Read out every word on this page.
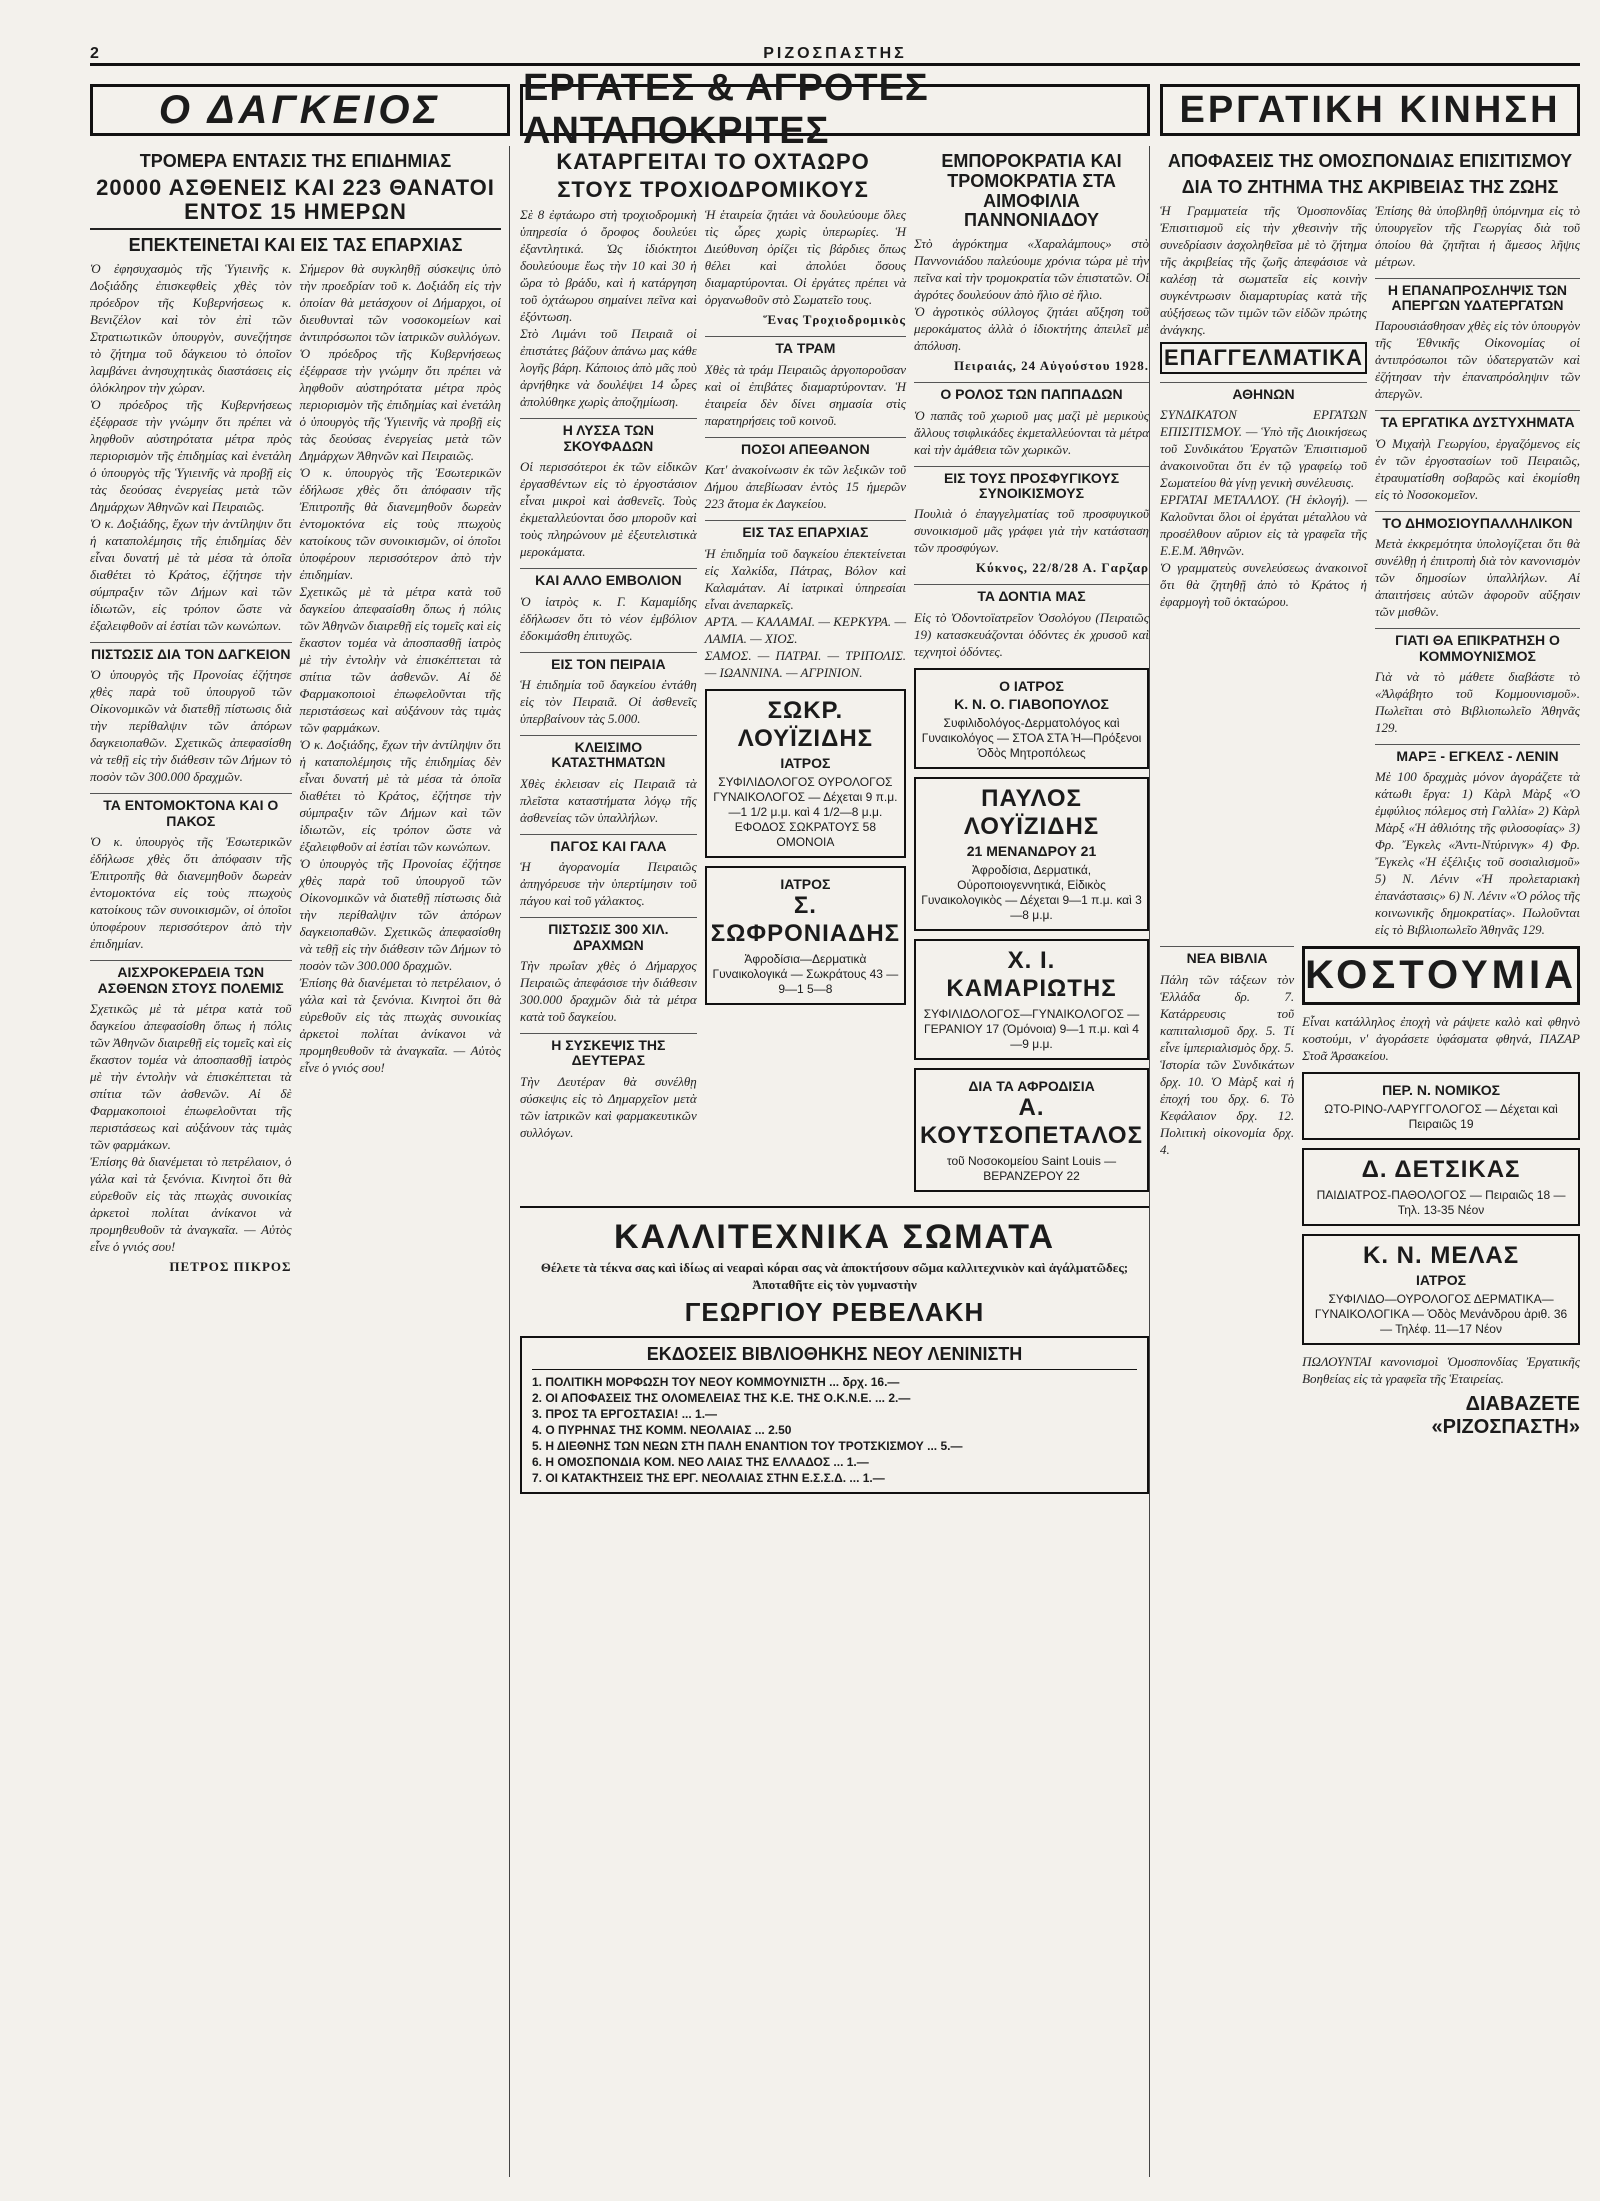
2	ΡΙΖΟΣΠΑΣΤΗΣ
Ο ΔΑΓΚΕΙΟΣ	ΕΡΓΑΤΕΣ & ΑΓΡΟΤΕΣ ΑΝΤΑΠΟΚΡΙΤΕΣ
ΕΡΓΑΤΙΚΗ ΚΙΝΗΣΗ
ΤΡΟΜΕΡΑ ΕΝΤΑΣΙΣ ΤΗΣ ΕΠΙΔΗΜΙΑΣ
20000 ΑΣΘΕΝΕΙΣ ΚΑΙ 223 ΘΑΝΑΤΟΙ ΕΝΤΟΣ 15 ΗΜΕΡΩΝ
ΕΠΕΚΤΕΙΝΕΤΑΙ ΚΑΙ ΕΙΣ ΤΑΣ ΕΠΑΡΧΙΑΣ

Ὁ ἐφησυχασμὸς τῆς Ὑγιεινῆς κ. Δοξιάδης ἐπισκεφθεὶς χθὲς τὸν πρόεδρον τῆς Κυβερνήσεως κ. Βενιζέλον καὶ τὸν ἐπὶ τῶν Στρατιωτικῶν ὑπουργὸν, συνεζήτησε τὸ ζήτημα τοῦ δάγκειου τὸ ὁποῖον λαμβάνει ἀνησυχητικὰς διαστάσεις εἰς ὁλόκληρον τὴν χώραν.

Ὁ πρόεδρος τῆς Κυβερνήσεως ἐξέφρασε τὴν γνώμην ὅτι πρέπει νὰ ληφθοῦν αὐστηρότατα μέτρα πρὸς περιορισμὸν τῆς ἐπιδημίας καὶ ἐνετάλη ὁ ὑπουργὸς τῆς Ὑγιεινῆς νὰ προβῇ εἰς τὰς δεούσας ἐνεργείας μετὰ τῶν Δημάρχων Ἀθηνῶν καὶ Πειραιῶς.

Ὁ κ. Δοξιάδης, ἔχων τὴν ἀντίληψιν ὅτι ἡ καταπολέμησις τῆς ἐπιδημίας δὲν εἶναι δυνατή μὲ τὰ μέσα τὰ ὁποῖα διαθέτει τὸ Κράτος, ἐζήτησε τὴν σύμπραξιν τῶν Δήμων καὶ τῶν ἰδιωτῶν, εἰς τρόπον ὥστε νὰ ἐξαλειφθοῦν αἱ ἑστίαι τῶν κωνώπων.

ΠΙΣΤΩΣΙΣ ΔΙΑ ΤΟΝ ΔΑΓΚΕΙΟΝ

Ὁ ὑπουργὸς τῆς Προνοίας ἐζήτησε χθὲς παρὰ τοῦ ὑπουργοῦ τῶν Οἰκονομικῶν νὰ διατεθῇ πίστωσις διὰ τὴν περίθαλψιν τῶν ἀπόρων δαγκειοπαθῶν. Σχετικῶς ἀπεφασίσθη νὰ τεθῇ εἰς τὴν διάθεσιν τῶν Δήμων τὸ ποσὸν τῶν 300.000 δραχμῶν.

ΤΑ ΕΝΤΟΜΟΚΤΟΝΑ ΚΑΙ Ο ΠΑΚΟΣ

Ὁ κ. ὑπουργὸς τῆς Ἐσωτερικῶν ἐδήλωσε χθὲς ὅτι ἀπόφασιν τῆς Ἐπιτροπῆς θὰ διανεμηθοῦν δωρεὰν ἐντομοκτόνα εἰς τοὺς πτωχοὺς κατοίκους τῶν συνοικισμῶν, οἱ ὁποῖοι ὑποφέρουν περισσότερον ἀπὸ τὴν ἐπιδημίαν.

ΑΙΣΧΡΟΚΕΡΔΕΙΑ ΤΩΝ ΑΣΘΕΝΩΝ ΣΤΟΥΣ ΠΟΛΕΜΙΣ

Σχετικῶς μὲ τὰ μέτρα κατὰ τοῦ δαγκείου ἀπεφασίσθη ὅπως ἡ πόλις τῶν Ἀθηνῶν διαιρεθῇ εἰς τομεῖς καὶ εἰς ἕκαστον τομέα νὰ ἀποσπασθῇ ἰατρὸς μὲ τὴν ἐντολὴν νὰ ἐπισκέπτεται τὰ σπίτια τῶν ἀσθενῶν. Αἱ δὲ Φαρμακοποιοὶ ἐπωφελοῦνται τῆς περιστάσεως καὶ αὐξάνουν τὰς τιμὰς τῶν φαρμάκων.

Ἐπίσης θὰ διανέμεται τὸ πετρέλαιον, ὁ γάλα καὶ τὰ ξενόνια. Κινητοὶ ὅτι θὰ εὑρεθοῦν εἰς τὰς πτωχὰς συνοικίας ἀρκετοὶ πολίται ἀνίκανοι νὰ προμηθευθοῦν τὰ ἀναγκαῖα. — Αὐτὸς εἶνε ὁ γνιός σου!

ΠΕΤΡΟΣ ΠΙΚΡΟΣ

Σήμερον θὰ συγκληθῇ σύσκεψις ὑπὸ τὴν προεδρίαν τοῦ κ. Δοξιάδη εἰς τὴν ὁποίαν θὰ μετάσχουν οἱ Δήμαρχοι, οἱ διευθυνταὶ τῶν νοσοκομείων καὶ ἀντιπρόσωποι τῶν ἰατρικῶν συλλόγων.

Ὁ πρόεδρος τῆς Κυβερνήσεως ἐξέφρασε τὴν γνώμην ὅτι πρέπει νὰ ληφθοῦν αὐστηρότατα μέτρα πρὸς περιορισμὸν τῆς ἐπιδημίας καὶ ἐνετάλη ὁ ὑπουργὸς τῆς Ὑγιεινῆς νὰ προβῇ εἰς τὰς δεούσας ἐνεργείας μετὰ τῶν Δημάρχων Ἀθηνῶν καὶ Πειραιῶς.

Ὁ κ. ὑπουργὸς τῆς Ἐσωτερικῶν ἐδήλωσε χθὲς ὅτι ἀπόφασιν τῆς Ἐπιτροπῆς θὰ διανεμηθοῦν δωρεὰν ἐντομοκτόνα εἰς τοὺς πτωχοὺς κατοίκους τῶν συνοικισμῶν, οἱ ὁποῖοι ὑποφέρουν περισσότερον ἀπὸ τὴν ἐπιδημίαν.

Σχετικῶς μὲ τὰ μέτρα κατὰ τοῦ δαγκείου ἀπεφασίσθη ὅπως ἡ πόλις τῶν Ἀθηνῶν διαιρεθῇ εἰς τομεῖς καὶ εἰς ἕκαστον τομέα νὰ ἀποσπασθῇ ἰατρὸς μὲ τὴν ἐντολὴν νὰ ἐπισκέπτεται τὰ σπίτια τῶν ἀσθενῶν. Αἱ δὲ Φαρμακοποιοὶ ἐπωφελοῦνται τῆς περιστάσεως καὶ αὐξάνουν τὰς τιμὰς τῶν φαρμάκων.

Ὁ κ. Δοξιάδης, ἔχων τὴν ἀντίληψιν ὅτι ἡ καταπολέμησις τῆς ἐπιδημίας δὲν εἶναι δυνατή μὲ τὰ μέσα τὰ ὁποῖα διαθέτει τὸ Κράτος, ἐζήτησε τὴν σύμπραξιν τῶν Δήμων καὶ τῶν ἰδιωτῶν, εἰς τρόπον ὥστε νὰ ἐξαλειφθοῦν αἱ ἑστίαι τῶν κωνώπων.

Ὁ ὑπουργὸς τῆς Προνοίας ἐζήτησε χθὲς παρὰ τοῦ ὑπουργοῦ τῶν Οἰκονομικῶν νὰ διατεθῇ πίστωσις διὰ τὴν περίθαλψιν τῶν ἀπόρων δαγκειοπαθῶν. Σχετικῶς ἀπεφασίσθη νὰ τεθῇ εἰς τὴν διάθεσιν τῶν Δήμων τὸ ποσὸν τῶν 300.000 δραχμῶν.

Ἐπίσης θὰ διανέμεται τὸ πετρέλαιον, ὁ γάλα καὶ τὰ ξενόνια. Κινητοὶ ὅτι θὰ εὑρεθοῦν εἰς τὰς πτωχὰς συνοικίας ἀρκετοὶ πολίται ἀνίκανοι νὰ προμηθευθοῦν τὰ ἀναγκαῖα. — Αὐτὸς εἶνε ὁ γνιός σου!

ΚΑΤΑΡΓΕΙΤΑΙ ΤΟ ΟΧΤΑΩΡΟ
ΣΤΟΥΣ ΤΡΟΧΙΟΔΡΟΜΙΚΟΥΣ

Σὲ 8 ἐφτάωρο στὴ τροχιοδρομικὴ ὑπηρεσία ὁ ὄροφος δουλεύει ἐξαντλητικά. Ὡς ἰδιόκτητοι δουλεύουμε ἔως τὴν 10 καὶ 30 ἡ ὥρα τὸ βράδυ, καὶ ἡ κατάργηση τοῦ ὀχτάωρου σημαίνει πεῖνα καὶ ἐξόντωση.

Στὸ Λιμάνι τοῦ Πειραιᾶ οἱ ἐπιστάτες βάζουν ἀπάνω μας κάθε λογῆς βάρη. Κάποιος ἀπὸ μᾶς ποὺ ἀρνήθηκε νὰ δουλέψει 14 ὧρες ἀπολύθηκε χωρὶς ἀποζημίωση.

Η ΛΥΣΣΑ ΤΩΝ ΣΚΟΥΦΑΔΩΝ

Οἱ περισσότεροι ἐκ τῶν εἰδικῶν ἐργασθέντων εἰς τὸ ἐργοστάσιον εἶναι μικροὶ καὶ ἀσθενεῖς. Τοὺς ἐκμεταλλεύονται ὅσο μποροῦν καὶ τοὺς πληρώνουν μὲ ἐξευτελιστικὰ μεροκάματα.

ΚΑΙ ΑΛΛΟ ΕΜΒΟΛΙΟΝ

Ὁ ἰατρὸς κ. Γ. Καμαμίδης ἐδήλωσεν ὅτι τὸ νέον ἐμβόλιον ἐδοκιμάσθη ἐπιτυχῶς.

ΕΙΣ ΤΟΝ ΠΕΙΡΑΙΑ

Ἡ ἐπιδημία τοῦ δαγκείου ἐντάθη εἰς τὸν Πειραιᾶ. Οἱ ἀσθενεῖς ὑπερβαίνουν τὰς 5.000.

ΚΛΕΙΣΙΜΟ ΚΑΤΑΣΤΗΜΑΤΩΝ

Χθὲς ἐκλεισαν εἰς Πειραιᾶ τὰ πλεῖστα καταστήματα λόγῳ τῆς ἀσθενείας τῶν ὑπαλλήλων.

ΠΑΓΟΣ ΚΑΙ ΓΑΛΑ

Ἡ ἀγορανομία Πειραιῶς ἀπηγόρευσε τὴν ὑπερτίμησιν τοῦ πάγου καὶ τοῦ γάλακτος.

ΠΙΣΤΩΣΙΣ 300 ΧΙΛ. ΔΡΑΧΜΩΝ

Τὴν πρωΐαν χθὲς ὁ Δήμαρχος Πειραιῶς ἀπεφάσισε τὴν διάθεσιν 300.000 δραχμῶν διὰ τὰ μέτρα κατὰ τοῦ δαγκείου.

Η ΣΥΣΚΕΨΙΣ ΤΗΣ ΔΕΥΤΕΡΑΣ

Τὴν Δευτέραν θὰ συνέλθῃ σύσκεψις εἰς τὸ Δημαρχεῖον μετὰ τῶν ἰατρικῶν καὶ φαρμακευτικῶν συλλόγων.

Ἡ ἑταιρεία ζητάει νὰ δουλεύουμε ὅλες τὶς ὧρες χωρὶς ὑπερωρίες. Ἡ Διεύθυνση ὁρίζει τὶς βάρδιες ὅπως θέλει καὶ ἀπολύει ὅσους διαμαρτύρονται. Οἱ ἐργάτες πρέπει νὰ ὀργανωθοῦν στὸ Σωματεῖο τους.

Ἕνας Τροχιοδρομικὸς
ΤΑ ΤΡΑΜ

Χθὲς τὰ τράμ Πειραιῶς ἀργοποροῦσαν καὶ οἱ ἐπιβάτες διαμαρτύρονταν. Ἡ ἑταιρεία δὲν δίνει σημασία στὶς παρατηρήσεις τοῦ κοινοῦ.

ΠΟΣΟΙ ΑΠΕΘΑΝΟΝ

Κατ' ἀνακοίνωσιν ἐκ τῶν λεξικῶν τοῦ Δήμου ἀπεβίωσαν ἐντὸς 15 ἡμερῶν 223 ἄτομα ἐκ Δαγκείου.

ΕΙΣ ΤΑΣ ΕΠΑΡΧΙΑΣ

Ἡ ἐπιδημία τοῦ δαγκείου ἐπεκτείνεται εἰς Χαλκίδα, Πάτρας, Βόλον καὶ Καλαμάταν. Αἱ ἰατρικαὶ ὑπηρεσίαι εἶναι ἀνεπαρκεῖς.

ΑΡΤΑ. — ΚΑΛΑΜΑΙ. — ΚΕΡΚΥΡΑ. — ΛΑΜΙΑ. — ΧΙΟΣ.

ΣΑΜΟΣ. — ΠΑΤΡΑΙ. — ΤΡΙΠΟΛΙΣ. — ΙΩΑΝΝΙΝΑ. — ΑΓΡΙΝΙΟΝ.

ΣΩΚΡ. ΛΟΥΪΖΙΔΗΣ
ΙΑΤΡΟΣ
ΣΥΦΙΛΙΔΟΛΟΓΟΣ ΟΥΡΟΛΟΓΟΣ ΓΥΝΑΙΚΟΛΟΓΟΣ — Δέχεται 9 π.μ.—1 1/2 μ.μ. καὶ 4 1/2—8 μ.μ. ΕΦΟΔΟΣ ΣΩΚΡΑΤΟΥΣ 58 ΟΜΟΝΟΙΑ
ΙΑΤΡΟΣ
Σ. ΣΩΦΡΟΝΙΑΔΗΣ
Ἀφροδίσια—Δερματικὰ Γυναικολογικά — Σωκράτους 43 — 9—1 5—8
ΕΜΠΟΡΟΚΡΑΤΙΑ ΚΑΙ ΤΡΟΜΟΚΡΑΤΙΑ ΣΤΑ ΑΙΜΟΦΙΛΙΑ ΠΑΝΝΟΝΙΑΔΟΥ

Στὸ ἀγρόκτημα «Χαραλάμπους» στὸ Παννονιάδου παλεύουμε χρόνια τώρα μὲ τὴν πεῖνα καὶ τὴν τρομοκρατία τῶν ἐπιστατῶν. Οἱ ἀγρότες δουλεύουν ἀπὸ ἥλιο σὲ ἥλιο.

Ὁ ἀγροτικὸς σύλλογος ζητάει αὔξηση τοῦ μεροκάματος ἀλλὰ ὁ ἰδιοκτήτης ἀπειλεῖ μὲ ἀπόλυση.

Πειραιάς, 24 Αὐγούστου 1928.
Ο ΡΟΛΟΣ ΤΩΝ ΠΑΠΠΑΔΩΝ

Ὁ παπᾶς τοῦ χωριοῦ μας μαζὶ μὲ μερικοὺς ἄλλους τσιφλικάδες ἐκμεταλλεύονται τὰ μέτρα καὶ τὴν ἀμάθεια τῶν χωρικῶν.

ΕΙΣ ΤΟΥΣ ΠΡΟΣΦΥΓΙΚΟΥΣ ΣΥΝΟΙΚΙΣΜΟΥΣ

Πουλιὰ ὁ ἐπαγγελματίας τοῦ προσφυγικοῦ συνοικισμοῦ μᾶς γράφει γιὰ τὴν κατάσταση τῶν προσφύγων.

Κύκνος, 22/8/28 Α. Γαρζαρ
ΤΑ ΔΟΝΤΙΑ ΜΑΣ

Εἰς τὸ Ὀδοντοϊατρεῖον Ὀσολόγου (Πειραιῶς 19) κατασκευάζονται ὁδόντες ἐκ χρυσοῦ καὶ τεχνητοὶ ὁδόντες.

Ο ΙΑΤΡΟΣ
Κ. Ν. Ο. ΓΙΑΒΟΠΟΥΛΟΣ
Συφιλιδολόγος-Δερματολόγος καὶ Γυναικολόγος — ΣΤΟΑ ΣΤΑ Ἡ—Πρόξενοι Ὁδὸς Μητροπόλεως
ΠΑΥΛΟΣ ΛΟΥΪΖΙΔΗΣ
21 ΜΕΝΑΝΔΡΟΥ 21
Ἀφροδίσια, Δερματικά, Οὐροποιογεννητικά, Εἰδικὸς Γυναικολογικὸς — Δέχεται 9—1 π.μ. καὶ 3—8 μ.μ.
Χ. Ι. ΚΑΜΑΡΙΩΤΗΣ
ΣΥΦΙΛΙΔΟΛΟΓΟΣ—ΓΥΝΑΙΚΟΛΟΓΟΣ — ΓΕΡΑΝΙΟΥ 17 (Ὁμόνοια) 9—1 π.μ. καὶ 4—9 μ.μ.
ΔΙΑ ΤΑ ΑΦΡΟΔΙΣΙΑ
Α. ΚΟΥΤΣΟΠΕΤΑΛΟΣ
τοῦ Νοσοκομείου Saint Louis — ΒΕΡΑΝΖΕΡΟΥ 22
ΚΑΛΛΙΤΕΧΝΙΚΑ ΣΩΜΑΤΑ

Θέλετε τὰ τέκνα σας καὶ ἰδίως αἱ νεαραὶ κόραι σας νὰ ἀποκτήσουν σῶμα καλλιτεχνικὸν καὶ ἀγάλματῶδες; Ἀποταθῆτε εἰς τὸν γυμναστὴν

ΓΕΩΡΓΙΟΥ ΡΕΒΕΛΑΚΗ
ΕΚΔΟΣΕΙΣ ΒΙΒΛΙΟΘΗΚΗΣ ΝΕΟΥ ΛΕΝΙΝΙΣΤΗ
1. ΠΟΛΙΤΙΚΗ ΜΟΡΦΩΣΗ ΤΟΥ ΝΕΟΥ ΚΟΜΜΟΥΝΙΣΤΗ ... δρχ. 16.—
2. ΟΙ ΑΠΟΦΑΣΕΙΣ ΤΗΣ ΟΛΟΜΕΛΕΙΑΣ ΤΗΣ Κ.Ε. ΤΗΣ Ο.Κ.Ν.Ε. ... 2.—
3. ΠΡΟΣ ΤΑ ΕΡΓΟΣΤΑΣΙΑ! ... 1.—
4. Ο ΠΥΡΗΝΑΣ ΤΗΣ ΚΟΜΜ. ΝΕΟΛΑΙΑΣ ... 2.50
5. Η ΔΙΕΘΝΗΣ ΤΩΝ ΝΕΩΝ ΣΤΗ ΠΑΛΗ ΕΝΑΝΤΙΟΝ ΤΟΥ ΤΡΟΤΣΚΙΣΜΟΥ ... 5.—
6. Η ΟΜΟΣΠΟΝΔΙΑ ΚΟΜ. ΝΕΟ ΛΑΙΑΣ ΤΗΣ ΕΛΛΑΔΟΣ ... 1.—
7. ΟΙ ΚΑΤΑΚΤΗΣΕΙΣ ΤΗΣ ΕΡΓ. ΝΕΟΛΑΙΑΣ ΣΤΗΝ Ε.Σ.Σ.Δ. ... 1.—
ΑΠΟΦΑΣΕΙΣ ΤΗΣ ΟΜΟΣΠΟΝΔΙΑΣ ΕΠΙΣΙΤΙΣΜΟΥ
ΔΙΑ ΤΟ ΖΗΤΗΜΑ ΤΗΣ ΑΚΡΙΒΕΙΑΣ ΤΗΣ ΖΩΗΣ

Ἡ Γραμματεία τῆς Ὁμοσπονδίας Ἐπισιτισμοῦ εἰς τὴν χθεσινὴν τῆς συνεδρίασιν ἀσχοληθεῖσα μὲ τὸ ζήτημα τῆς ἀκριβείας τῆς ζωῆς ἀπεφάσισε νὰ καλέσῃ τὰ σωματεῖα εἰς κοινὴν συγκέντρωσιν διαμαρτυρίας κατὰ τῆς αὐξήσεως τῶν τιμῶν τῶν εἰδῶν πρώτης ἀνάγκης.

ΕΠΑΓΓΕΛΜΑΤΙΚΑ
ΑΘΗΝΩΝ

ΣΥΝΔΙΚΑΤΟΝ ΕΡΓΑΤΩΝ ΕΠΙΣΙΤΙΣΜΟΥ. — Ὑπὸ τῆς Διοικήσεως τοῦ Συνδικάτου Ἐργατῶν Ἐπισιτισμοῦ ἀνακοινοῦται ὅτι ἐν τῷ γραφείῳ τοῦ Σωματείου θὰ γίνῃ γενικὴ συνέλευσις.

ΕΡΓΑΤΑΙ ΜΕΤΑΛΛΟΥ. (Ἡ ἐκλογή). — Καλοῦνται ὅλοι οἱ ἐργάται μέταλλου νὰ προσέλθουν αὔριον εἰς τὰ γραφεῖα τῆς Ε.Ε.Μ. Ἀθηνῶν.

Ὁ γραμματεὺς συνελεύσεως ἀνακοινοῖ ὅτι θὰ ζητηθῇ ἀπὸ τὸ Κράτος ἡ ἐφαρμογὴ τοῦ ὀκταώρου.

Ἐπίσης θὰ ὑποβληθῇ ὑπόμνημα εἰς τὸ ὑπουργεῖον τῆς Γεωργίας διὰ τοῦ ὁποίου θὰ ζητῆται ἡ ἄμεσος λῆψις μέτρων.

Η ΕΠΑΝΑΠΡΟΣΛΗΨΙΣ ΤΩΝ ΑΠΕΡΓΩΝ ΥΔΑΤΕΡΓΑΤΩΝ

Παρουσιάσθησαν χθὲς εἰς τὸν ὑπουργὸν τῆς Ἐθνικῆς Οἰκονομίας οἱ ἀντιπρόσωποι τῶν ὑδατεργατῶν καὶ ἐζήτησαν τὴν ἐπαναπρόσληψιν τῶν ἀπεργῶν.

ΤΑ ΕΡΓΑΤΙΚΑ ΔΥΣΤΥΧΗΜΑΤΑ

Ὁ Μιχαὴλ Γεωργίου, ἐργαζόμενος εἰς ἐν τῶν ἐργοστασίων τοῦ Πειραιῶς, ἐτραυματίσθη σοβαρῶς καὶ ἐκομίσθη εἰς τὸ Νοσοκομεῖον.

ΤΟ ΔΗΜΟΣΙΟΥΠΑΛΛΗΛΙΚΟΝ

Μετὰ ἐκκρεμότητα ὑπολογίζεται ὅτι θὰ συνέλθῃ ἡ ἐπιτροπὴ διὰ τὸν κανονισμὸν τῶν δημοσίων ὑπαλλήλων. Αἱ ἀπαιτήσεις αὐτῶν ἀφοροῦν αὔξησιν τῶν μισθῶν.

ΓΙΑΤΙ ΘΑ ΕΠΙΚΡΑΤΗΣΗ Ο ΚΟΜΜΟΥΝΙΣΜΟΣ

Γιὰ νὰ τὸ μάθετε διαβάστε τὸ «Ἀλφάβητο τοῦ Κομμουνισμοῦ». Πωλεῖται στὸ Βιβλιοπωλεῖο Ἀθηνᾶς 129.

ΜΑΡΞ - ΕΓΚΕΛΣ - ΛΕΝΙΝ

Μὲ 100 δραχμὰς μόνον ἀγοράζετε τὰ κάτωθι ἔργα: 1) Κὰρλ Μὰρξ «Ὁ ἐμφύλιος πόλεμος στὴ Γαλλία» 2) Κὰρλ Μὰρξ «Ἡ ἀθλιότης τῆς φιλοσοφίας» 3) Φρ. Ἔγκελς «Ἀντι-Ντύρινγκ» 4) Φρ. Ἔγκελς «Ἡ ἐξέλιξις τοῦ σοσιαλισμοῦ» 5) Ν. Λένιν «Ἡ προλεταριακὴ ἐπανάστασις» 6) Ν. Λένιν «Ὁ ρόλος τῆς κοινωνικῆς δημοκρατίας». Πωλοῦνται εἰς τὸ Βιβλιοπωλεῖο Ἀθηνᾶς 129.

ΝΕΑ ΒΙΒΛΙΑ

Πάλη τῶν τάξεων τὸν Ἑλλάδα δρ. 7. Κατάρρευσις τοῦ καπιταλισμοῦ δρχ. 5. Τί εἶνε ἱμπεριαλισμὸς δρχ. 5. Ἱστορία τῶν Συνδικάτων δρχ. 10. Ὁ Μὰρξ καὶ ἡ ἐποχή του δρχ. 6. Τὸ Κεφάλαιον δρχ. 12. Πολιτικὴ οἰκονομία δρχ. 4.

ΚΟΣΤΟΥΜΙΑ

Εἶναι κατάλληλος ἐποχὴ νὰ ράψετε καλὸ καὶ φθηνὸ κοστούμι, ν' ἀγοράσετε ὑφάσματα φθηνά, ΠΑΖΑΡ Στοᾶ Ἀρσακείου.

ΠΕΡ. Ν. ΝΟΜΙΚΟΣ
ΩΤΟ-ΡΙΝΟ-ΛΑΡΥΓΓΟΛΟΓΟΣ — Δέχεται καὶ Πειραιῶς 19
Δ. ΔΕΤΣΙΚΑΣ
ΠΑΙΔΙΑΤΡΟΣ-ΠΑΘΟΛΟΓΟΣ — Πειραιῶς 18 — Τηλ. 13-35 Νέον
Κ. Ν. ΜΕΛΑΣ
ΙΑΤΡΟΣ
ΣΥΦΙΛΙΔΟ—ΟΥΡΟΛΟΓΟΣ ΔΕΡΜΑΤΙΚΑ—ΓΥΝΑΙΚΟΛΟΓΙΚΑ — Ὁδὸς Μενάνδρου ἀριθ. 36 — Τηλέφ. 11—17 Νέον

ΠΩΛΟΥΝΤΑΙ κανονισμοὶ Ὁμοσπονδίας Ἐργατικῆς Βοηθείας εἰς τὰ γραφεῖα τῆς Ἑταιρείας.

ΔΙΑΒΑΖΕΤΕ
«ΡΙΖΟΣΠΑΣΤΗ»
